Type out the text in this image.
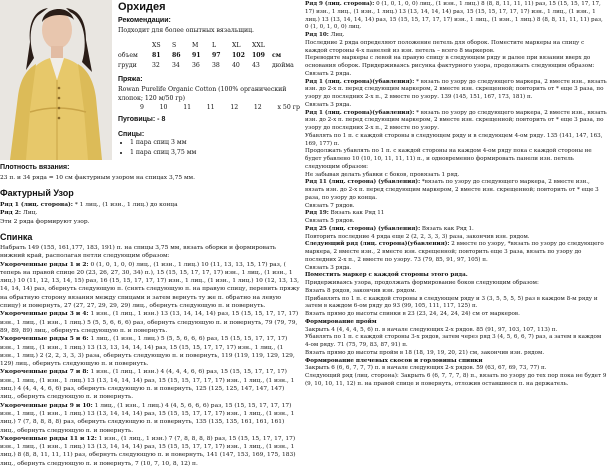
Орхидея
Рекомендации:
Подходит для более опытных вязальщиц.
	XS	S	M	L	XL	XXL	
объем	81	86	91	97	102	109	см
груди	32	34	36	38	40	43	дюйма
Пряжа:
Rowan Purelife Organic Cotton (100% органический хлопок; 120 м/50 гр)
9	10	11	11	12	12	х 50 гр
Пуговицы: - 8
Спицы:
• 1 пара спиц 3 мм
• 1 пара спиц 3,75 мм
Плотность вязания:
23 п. и 34 ряда = 10 см фактурным узором на спицах 3,75 мм.
Фактурный Узор

Ряд 1 (лиц. сторона): * 1 лиц., (1 изн., 1 лиц.) до конца

Ряд 2: Лиц.

Эти 2 ряда формируют узор.

Спинка

Набрать 149 (155, 161,177, 183, 191) п. на спицы 3,75 мм, вязать оборки и формировать нижний край, располагая петли следующим образом:

Укороченные ряды 1 и 2: 0 (1, 0, 1, 0, 0) лиц., (1 изн., 1 лиц.) 10 (11, 13, 13, 15, 17) раз, ( теперь на правой спице 20 (23, 26, 27, 30, 34) п.), 15 (15, 15, 17, 17, 17) изн., 1 лиц., (1 изн., 1 лиц.) 10 (11, 12, 13, 14, 15) раз, 16 (15, 15, 17, 17, 17) изн., 1 лиц., (1 изн., 1 лиц.) 10 (12, 13, 13, 14, 14, 14) раз, обернуть следующую п. (снять следующую п. на правую спицу, перевить пряжу на обратную сторону вязания между спицами и затем вернуть ту же п. обратно на левую спицу) и повернуть, 27 (27, 27, 29, 29, 29) лиц., обернуть следующую п. и повернуть.

Укороченные ряды 3 и 4: 1 изн., (1 лиц., 1 изн.) 13 (13, 14, 14, 14) раз, 15 (15, 15, 17, 17, 17) изн., 1 лиц., (1 изн., 1 лиц.) 5 (5, 5, 6, 6, 6) раз, обернуть следующую п. и повернуть, 79 (79, 79, 89, 89, 89) лиц., обернуть следующую п. и повернуть.

Укороченные ряды 5 и 6: 1 лиц., (1 изн., 1 лиц.) 5 (5, 5, 6, 6, 6) раз, 15 (15, 15, 17, 17, 17) изн., 1 лиц., (1 изн., 1 лиц.) 13 (13, 13, 14, 14, 14) раз, 15 (15, 15, 17, 17, 17) изн., 1 лиц., (1 изн., 1 лиц.) 2 (2, 2, 3, 3, 3) раза, обернуть следующую п. и повернуть, 119 (119, 119, 129, 129, 129) лиц., обернуть следующую п. и повернуть.

Укороченные ряды 7 и 8: 1 изн., (1 лиц., 1 изн.) 4 (4, 4, 4, 6, 6) раз, 15 (15, 15, 17, 17, 17) изн., 1 лиц., (1 изн., 1 лиц.) 13 (13, 14, 14, 14) раз, 15 (15, 15, 17, 17, 17) изн., 1 лиц., (1 изн., 1 лиц.) 4 (4, 4, 4, 6, 6) раз, обернуть следующую п. и повернуть, 125 (125, 125, 147, 147, 147) лиц., обернуть следующую п. и повернуть.

Укороченные ряды 9 и 10: 1 лиц., (1 изн., 1 лиц.) 4 (4, 5, 6, 6, 6) раз, 15 (15, 15, 17, 17, 17) изн., 1 лиц., (1 изн., 1 лиц.) 13 (13, 14, 14, 14) раз, 15 (15, 15, 17, 17, 17) изн., 1 лиц., (1 изн., 1 лиц.) 7 (7, 8, 8, 8, 8) раз, обернуть следующую п. и повернуть, 135 (135, 135, 161, 161, 161) лиц., обернуть следующую п. и повернуть.

Укороченные ряды 11 и 12: 1 изн., (1 лиц., 1 изн.) 7 (7, 8, 8, 8, 8) раз, 15 (15, 15, 17, 17, 17) изн., 1 лиц., (1 изн., 1 лиц.) 13 (13, 14, 14, 14) раз, 15 (15, 15, 17, 17, 17) изн., 1 лиц., (1 изн., 1 лиц.) 8 (8, 8, 11, 11, 11) раз, обернуть следующую п. и повернуть, 141 (147, 153, 169, 175, 183) лиц., обернуть следующую п. и повернуть, 7 (10, 7, 10, 8, 12) п.

Ряд 9 (лиц. сторона): 0 (1, 0, 1, 0, 0) лиц., (1 изн., 1 лиц.) 8 (8, 8, 11, 11, 11) раз, 15 (15, 15, 17, 17, 17) изн., 1 лиц., (1 изн., 1 лиц.) 13 (13, 14, 14, 14) раз, 15 (15, 15, 17, 17, 17) изн., 1 лиц., (1 изн., 1 лиц.) 13 (13, 14, 14, 14) раз, 15 (15, 15, 17, 17, 17) изн., 1 лиц., (1 изн., 1 лиц.) 8 (8, 8, 11, 11, 11) раз, 0 (1, 0, 1, 0, 0) лиц.

Ряд 10: Лиц.

Последние 2 ряда определяют положение петель для оборок. Поместите маркеры на спицу с каждой стороны 4-х панелей из изн. петель – всего 8 маркеров.

Переводите маркеры с левой на правую спицу в следующем ряду и далее при вязании вверх до основания оборок. Придерживаясь рисунка фактурного узора, продолжать следующим образом:

Связать 2 ряда.

Ряд 1 (лиц. сторона)(убавления): * вязать по узору до следующего маркера, 2 вместе изн., вязать изн. до 2-х п. перед следующим маркером, 2 вместе изн. скрещенной; повторить от * еще 3 раза, по узору до последних 2-х п., 2 вместе по узору. 139 (145, 151, 167, 173, 181) п.

Связать 3 ряда.

Ряд 1 (лиц. сторона)(убавления): * вязать по узору до следующего маркера, 2 вместе изн., вязать изн. до 2-х п. перед следующим маркером, 2 вместе изн. скрещенной; повторить от * еще 3 раза, по узору до последних 2-х п., 2 вместе по узору.

Убавлять по 1 п. с каждой стороны в следующем ряду и в следующем 4-ом ряду. 135 (141, 147, 163, 169, 177) п.

Продолжать убавлять по 1 п. с каждой стороны на каждом 4-ом ряду пока с каждой стороны не будет убавлено 10 (10, 10, 11, 11, 11) п., и одновременно формировать панели изн. петель следующим образом:

Не забывая делать убавки с боков, провязать 1 ряд.

Ряд 11 (лиц. сторона) (убавления): *вязать по узору до следующего маркера, 2 вместе изн., вязать изн. до 2-х п. перед следующим маркером, 2 вместе изн. скрещенной; повторить от * еще 3 раза, по узору до конца.

Связать 7 рядов.

Ряд 19: Вязать как Ряд 11

Связать 5 рядов.

Ряд 25 (лиц. сторона) (убавления): Вязать как Ряд 1.

Повторить последние 4 ряда еще 2 (2, 2, 3, 3, 3) раза, закончив изн. рядом.

Следующий ряд (лиц. сторона)(убавления): 2 вместе по узору, *вязать по узору до следующего маркера, 2 вместе изн., 2 вместе изн. скрещенной; повторить еще 3 раза, вязать по узору до последних 2-х п., 2 вместе по узору. 73 (79, 85, 91, 97, 105) п.

Связать 3 ряда.

Поместить маркер с каждой стороны этого ряда.

Придерживаясь узора, продолжать формирование боков следующим образом:

Вязать 8 рядов, закончив изн. рядом.

Прибавлять по 1 п. с каждой стороны в следующем ряду и 3 (3, 5, 5, 5, 5) раз в каждом 8-м ряду и затем в каждом 6-ом ряду до 93 (99, 105, 111, 117, 125) п.

Вязать прямо до высоты спинки в 23 (23, 24, 24, 24, 24) см от маркеров.

Формирование пройм

Закрыть 4 (4, 4, 4, 5, 6) п. в начале следующих 2-х рядов. 85 (91, 97, 103, 107, 113) п.

Убавлять по 1 п. с каждой стороны 3-х рядов, затем через ряд 3 (4, 5, 6, 6, 7) раз, а затем в каждом 4-ом ряду. 71 (75, 79, 83, 87, 91) п.

Вязать прямо до высоты пройм в 18 (18, 19, 19, 20, 21) см, закончив изн. рядом.

Формирование плечевых скосов и горловины спинки

Закрыть 6 (6, 6, 7, 7, 7) п. в начале следующих 2-х рядов. 59 (63, 67, 69, 73, 77) п.

Следующий ряд (лиц. сторона): Закрыть 6 (6, 7, 7, 7, 8) п., вязать по узору до тех пор пока не будет 9 (9, 10, 10, 11, 12) п. на правой спице и повернуть, отложив оставшиеся п. на держатель.
